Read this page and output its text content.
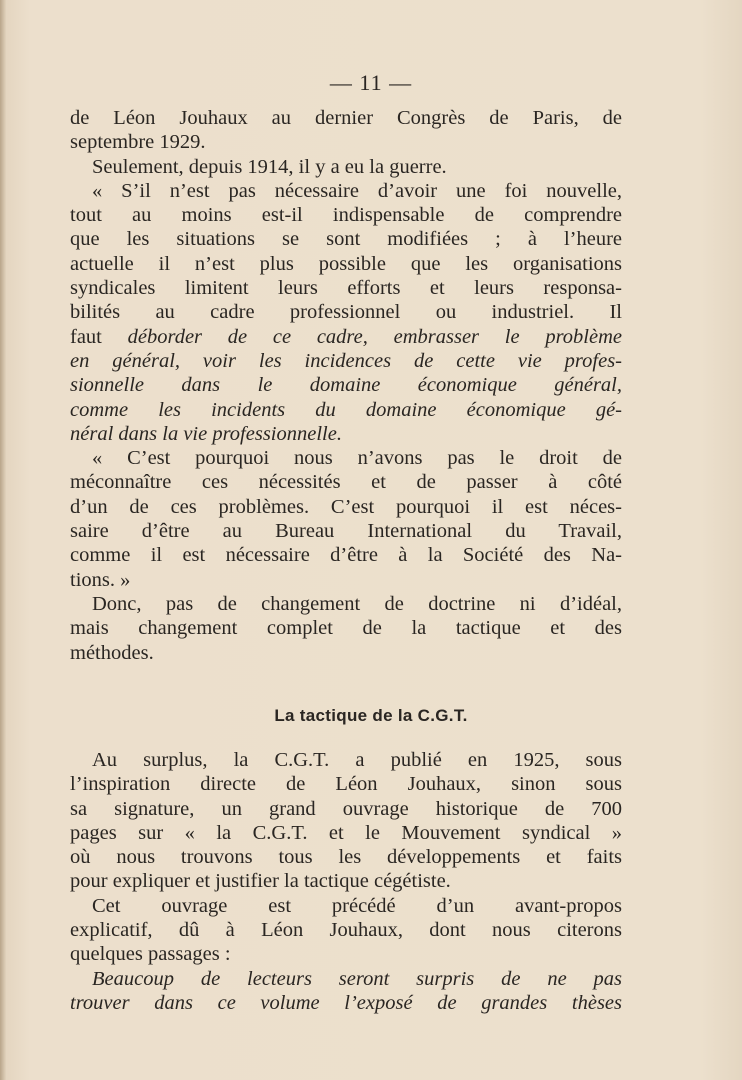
— 11 —

de Léon Jouhaux au dernier Congrès de Paris, de
septembre 1929.

Seulement, depuis 1914, il y a eu la guerre.

« S’il n’est pas nécessaire d’avoir une foi nouvelle,
tout au moins est-il indispensable de comprendre
que les situations se sont modifiées ; à l’heure
actuelle il n’est plus possible que les organisations
syndicales limitent leurs efforts et leurs responsa-
bilités au cadre professionnel ou industriel. Il
faut déborder de ce cadre, embrasser le problème
en général, voir les incidences de cette vie profes-
sionnelle dans le domaine économique général,
comme les incidents du domaine économique gé-
néral dans la vie professionnelle.

« C’est pourquoi nous n’avons pas le droit de
méconnaître ces nécessités et de passer à côté
d’un de ces problèmes. C’est pourquoi il est néces-
saire d’être au Bureau International du Travail,
comme il est nécessaire d’être à la Société des Na-
tions. »

Donc, pas de changement de doctrine ni d’idéal,
mais changement complet de la tactique et des
méthodes.

La tactique de la C.G.T.

Au surplus, la C.G.T. a publié en 1925, sous
l’inspiration directe de Léon Jouhaux, sinon sous
sa signature, un grand ouvrage historique de 700
pages sur « la C.G.T. et le Mouvement syndical »
où nous trouvons tous les développements et faits
pour expliquer et justifier la tactique cégétiste.

Cet ouvrage est précédé d’un avant-propos
explicatif, dû à Léon Jouhaux, dont nous citerons
quelques passages :

Beaucoup de lecteurs seront surpris de ne pas
trouver dans ce volume l’exposé de grandes thèses
